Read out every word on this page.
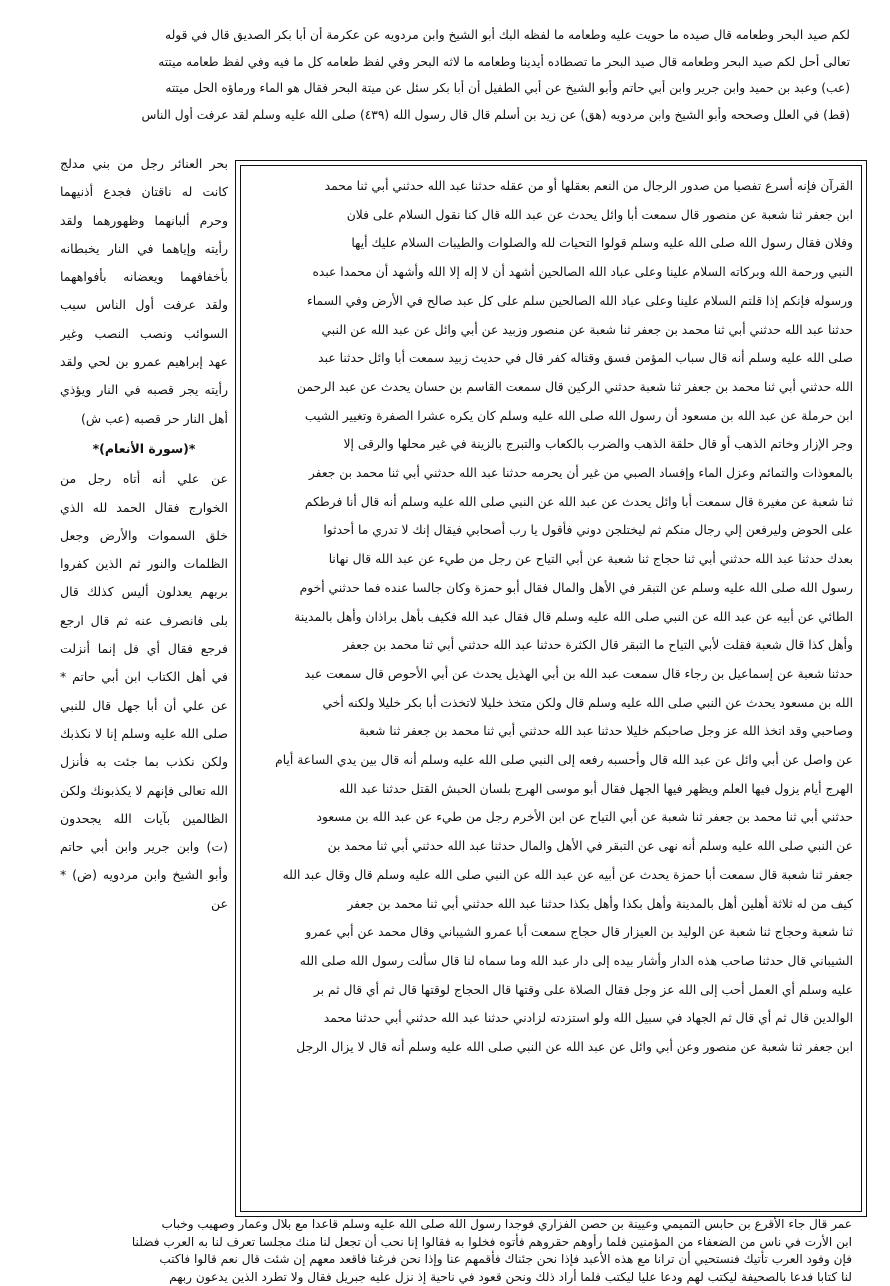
لكم صيد البحر وطعامه قال صيده ما حويت عليه وطعامه ما لفظه البك أبو الشيخ وابن مردويه عن عكرمة أن أبا بكر الصديق قال في قوله
تعالى أحل لكم صيد البحر وطعامه قال صيد البحر ما تصطاده أيدينا وطعامه ما لاثه البحر وفي لفظ طعامه كل ما فيه وفي لفظ طعامه ميتته
(عب) وعبد بن حميد وابن جرير وابن أبي حاتم وأبو الشيخ عن أبي الطفيل أن أبا بكر سئل عن ميتة البحر فقال هو الماء ورماؤه الحل ميتته
(قط) في العلل وصححه وأبو الشيخ وابن مردويه (هق) عن زيد بن أسلم قال قال رسول الله (٤٣٩) صلى الله عليه وسلم لقد عرفت أول الناس
القرآن فإنه أسرع تفصيا من صدور الرجال من النعم بعقلها أو من عقله حدثنا عبد الله حدثني أبي ثنا محمد
ابن جعفر ثنا شعبة عن منصور قال سمعت أبا وائل يحدث عن عبد الله قال كنا نقول السلام على فلان
وفلان فقال رسول الله صلى الله عليه وسلم قولوا التحيات لله والصلوات والطيبات السلام عليك أيها
النبي ورحمة الله وبركاته السلام علينا وعلى عباد الله الصالحين أشهد أن لا إله إلا الله وأشهد أن محمدا عبده
ورسوله فإنكم إذا قلتم السلام علينا وعلى عباد الله الصالحين سلم على كل عبد صالح في الأرض وفي السماء
حدثنا عبد الله حدثني أبي ثنا محمد بن جعفر ثنا شعبة عن منصور وزبيد عن أبي وائل عن عبد الله عن النبي
صلى الله عليه وسلم أنه قال سباب المؤمن فسق وقتاله كفر قال في حديث زبيد سمعت أبا وائل حدثنا عبد
الله حدثني أبي ثنا محمد بن جعفر ثنا شعبة حدثني الركين قال سمعت القاسم بن حسان يحدث عن عبد الرحمن
ابن حرملة عن عبد الله بن مسعود أن رسول الله صلى الله عليه وسلم كان يكره عشرا الصفرة وتغيير الشيب
وجر الإزار وخاتم الذهب أو قال حلقة الذهب والضرب بالكعاب والتبرج بالزينة في غير محلها والرقى إلا
بالمعوذات والتمائم وعزل الماء وإفساد الصبي من غير أن يحرمه حدثنا عبد الله حدثني أبي ثنا محمد بن جعفر
ثنا شعبة عن مغيرة قال سمعت أبا وائل يحدث عن عبد الله عن النبي صلى الله عليه وسلم أنه قال أنا فرطكم
على الحوض وليرفعن إلي رجال منكم ثم ليختلجن دوني فأقول يا رب أصحابي فيقال إنك لا تدري ما أحدثوا
بعدك حدثنا عبد الله حدثني أبي ثنا حجاج ثنا شعبة عن أبي التياح عن رجل من طيء عن عبد الله قال نهانا
رسول الله صلى الله عليه وسلم عن التبقر في الأهل والمال فقال أبو حمزة وكان جالسا عنده فما حدثني أخوم
الطائي عن أبيه عن عبد الله عن النبي صلى الله عليه وسلم قال فقال عبد الله فكيف بأهل براذان وأهل بالمدينة
وأهل كذا قال شعبة فقلت لأبي التياح ما التبقر قال الكثرة حدثنا عبد الله حدثني أبي ثنا محمد بن جعفر
حدثنا شعبة عن إسماعيل بن رجاء قال سمعت عبد الله بن أبي الهذيل يحدث عن أبي الأحوص قال سمعت عبد
الله بن مسعود يحدث عن النبي صلى الله عليه وسلم قال ولكن متخذ خليلا لاتخذت أبا بكر خليلا ولكنه أخي
وصاحبي وقد اتخذ الله عز وجل صاحبكم خليلا حدثنا عبد الله حدثني أبي ثنا محمد بن جعفر ثنا شعبة
عن واصل عن أبي وائل عن عبد الله قال وأحسبه رفعه إلى النبي صلى الله عليه وسلم أنه قال بين يدي الساعة أيام
الهرج أيام يزول فيها العلم ويظهر فيها الجهل فقال أبو موسى الهرج بلسان الحبش القتل حدثنا عبد الله
حدثني أبي ثنا محمد بن جعفر ثنا شعبة عن أبي التياح عن ابن الأخرم رجل من طيء عن عبد الله بن مسعود
عن النبي صلى الله عليه وسلم أنه نهى عن التبقر في الأهل والمال حدثنا عبد الله حدثني أبي ثنا محمد بن
جعفر ثنا شعبة قال سمعت أبا حمزة يحدث عن أبيه عن عبد الله عن النبي صلى الله عليه وسلم قال وقال عبد الله
كيف من له ثلاثة أهلين أهل بالمدينة وأهل بكذا وأهل بكذا حدثنا عبد الله حدثني أبي ثنا محمد بن جعفر
ثنا شعبة وحجاج ثنا شعبة عن الوليد بن العيزار قال حجاج سمعت أبا عمرو الشيباني وقال محمد عن أبي عمرو
الشيباني قال حدثنا صاحب هذه الدار وأشار بيده إلى دار عبد الله وما سماه لنا قال سألت رسول الله صلى الله
عليه وسلم أي العمل أحب إلى الله عز وجل فقال الصلاة على وقتها قال الحجاج لوقتها قال ثم أي قال ثم بر
الوالدين قال ثم أي قال ثم الجهاد في سبيل الله ولو استزدته لزادني حدثنا عبد الله حدثني أبي حدثنا محمد
ابن جعفر ثنا شعبة عن منصور وعن أبي وائل عن عبد الله عن النبي صلى الله عليه وسلم أنه قال لا يزال الرجل

بحر العنائر رجل من بني مدلج كانت له ناقتان فجدع أذنيهما وحرم ألبانهما وظهورهما ولقد رأيته وإياهما في النار يخبطانه بأخفافهما ويعضانه بأفواههما ولقد عرفت أول الناس سيب السوائب ونصب النصب وغير عهد إبراهيم عمرو بن لحي ولقد رأيته يجر قصبه في النار ويؤذي أهل النار حر قصبه (عب ش)

*(سورة الأنعام)*

عن علي أنه أتاه رجل من الخوارج فقال الحمد لله الذي خلق السموات والأرض وجعل الظلمات والنور ثم الذين كفروا بربهم يعدلون أليس كذلك قال بلى فانصرف عنه ثم قال ارجع فرجع فقال أي فل إنما أنزلت في أهل الكتاب ابن أبي حاتم * عن علي أن أبا جهل قال للنبي صلى الله عليه وسلم إنا لا نكذبك ولكن نكذب بما جئت به فأنزل الله تعالى فإنهم لا يكذبونك ولكن الظالمين بآيات الله يجحدون (ت) وابن جرير وابن أبي حاتم وأبو الشيخ وابن مردويه (ض) * عن

عمر قال جاء الأقرع بن حابس التميمي وعيينة بن حصن الفزاري فوجدا رسول الله صلى الله عليه وسلم قاعدا مع بلال وعمار وصهيب وخباب
ابن الأرت في ناس من الضعفاء من المؤمنين فلما رأوهم حقروهم فأتوه فخلوا به فقالوا إنا نحب أن تجعل لنا منك مجلسا تعرف لنا به العرب فضلنا
فإن وفود العرب تأتيك فنستحيي أن ترانا مع هذه الأعبد فإذا نحن جئناك فأقمهم عنا وإذا نحن فرغنا فاقعد معهم إن شئت قال نعم قالوا فاكتب
لنا كتابا فدعا بالصحيفة ليكتب لهم ودعا عليا ليكتب فلما أراد ذلك ونحن قعود في ناحية إذ نزل عليه جبريل فقال ولا تطرد الذين يدعون ربهم
